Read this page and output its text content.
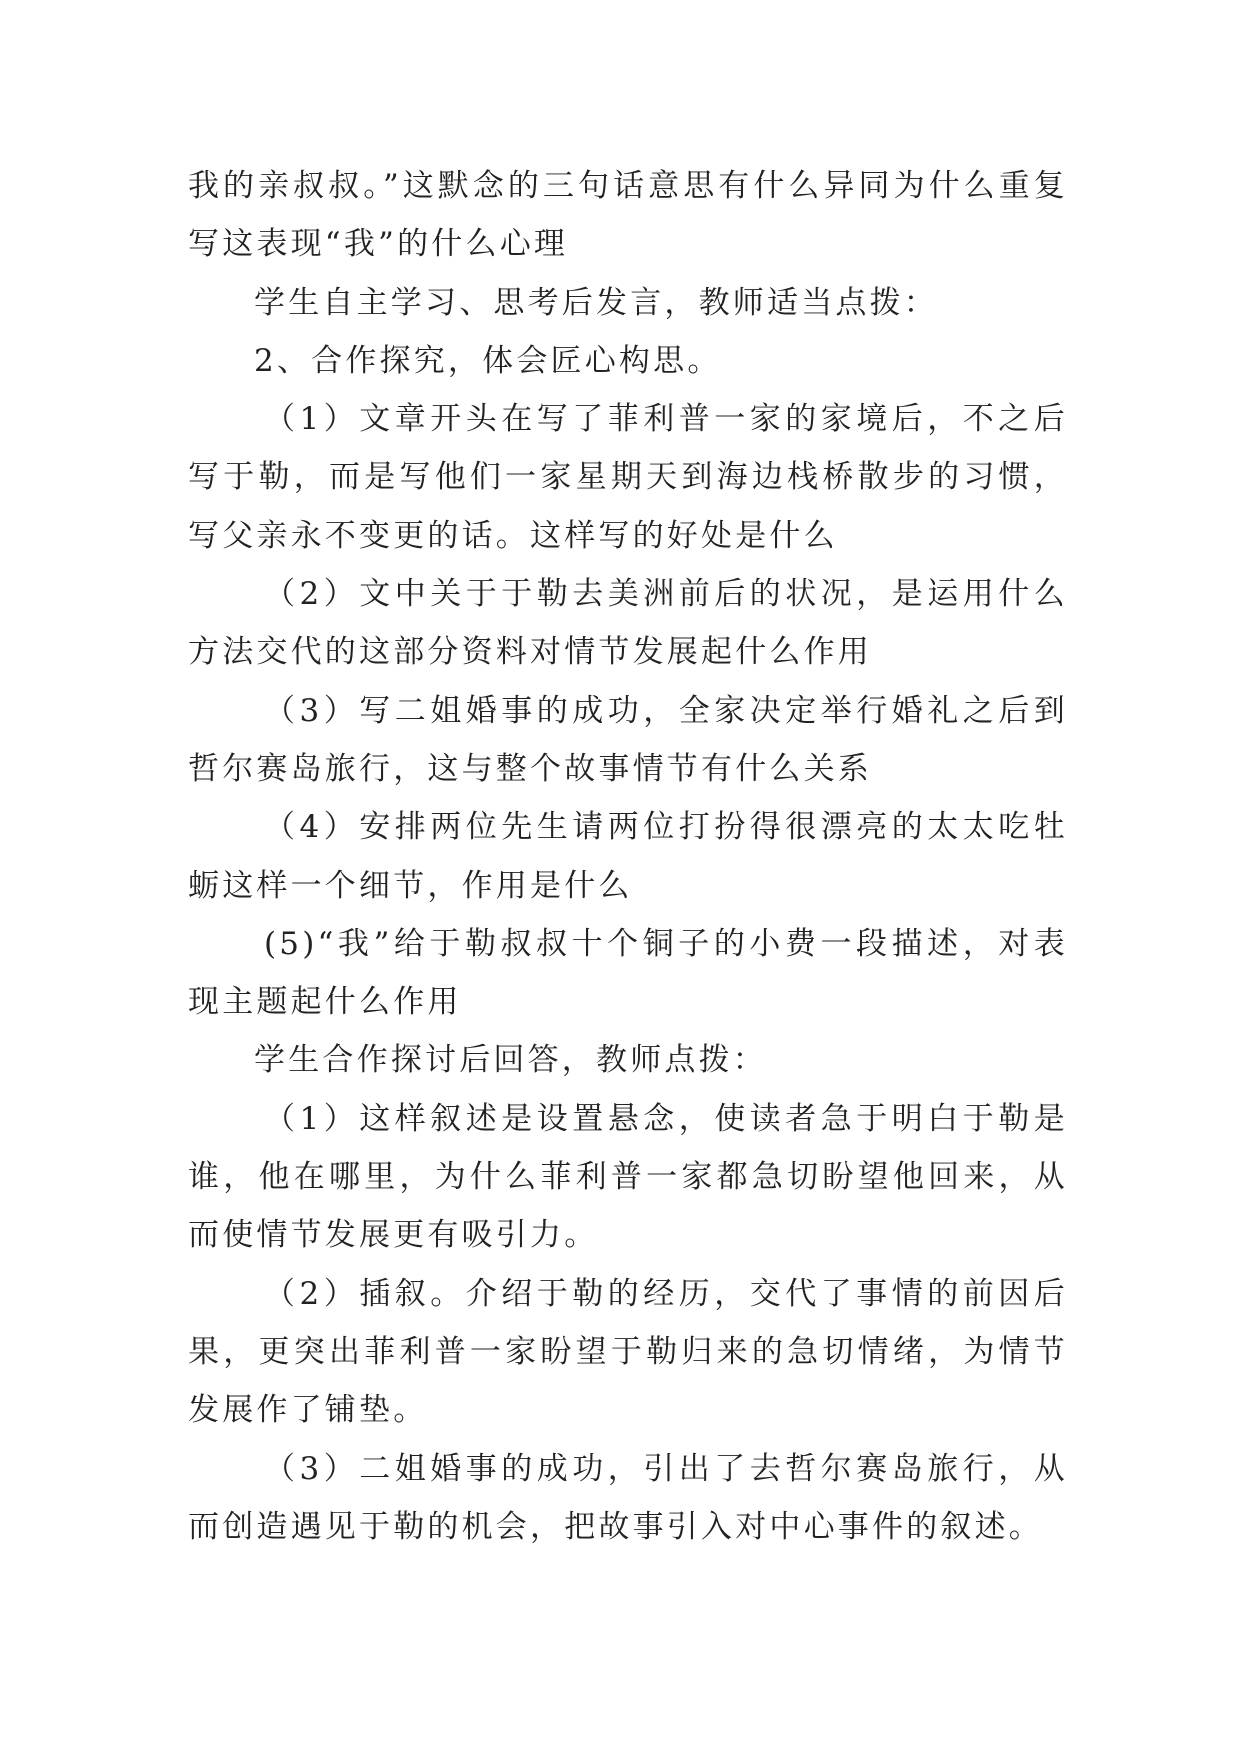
我的亲叔叔。”这默念的三句话意思有什么异同为什么重复写这表现“我”的什么心理

学生自主学习、思考后发言，教师适当点拨：

2、合作探究，体会匠心构思。

（1）文章开头在写了菲利普一家的家境后，不之后写于勒，而是写他们一家星期天到海边栈桥散步的习惯，写父亲永不变更的话。这样写的好处是什么

（2）文中关于于勒去美洲前后的状况，是运用什么方法交代的这部分资料对情节发展起什么作用

（3）写二姐婚事的成功，全家决定举行婚礼之后到哲尔赛岛旅行，这与整个故事情节有什么关系

（4）安排两位先生请两位打扮得很漂亮的太太吃牡蛎这样一个细节，作用是什么

(5)“我”给于勒叔叔十个铜子的小费一段描述，对表现主题起什么作用

学生合作探讨后回答，教师点拨：

（1）这样叙述是设置悬念，使读者急于明白于勒是谁，他在哪里，为什么菲利普一家都急切盼望他回来，从而使情节发展更有吸引力。

（2）插叙。介绍于勒的经历，交代了事情的前因后果，更突出菲利普一家盼望于勒归来的急切情绪，为情节发展作了铺垫。

（3）二姐婚事的成功，引出了去哲尔赛岛旅行，从而创造遇见于勒的机会，把故事引入对中心事件的叙述。
